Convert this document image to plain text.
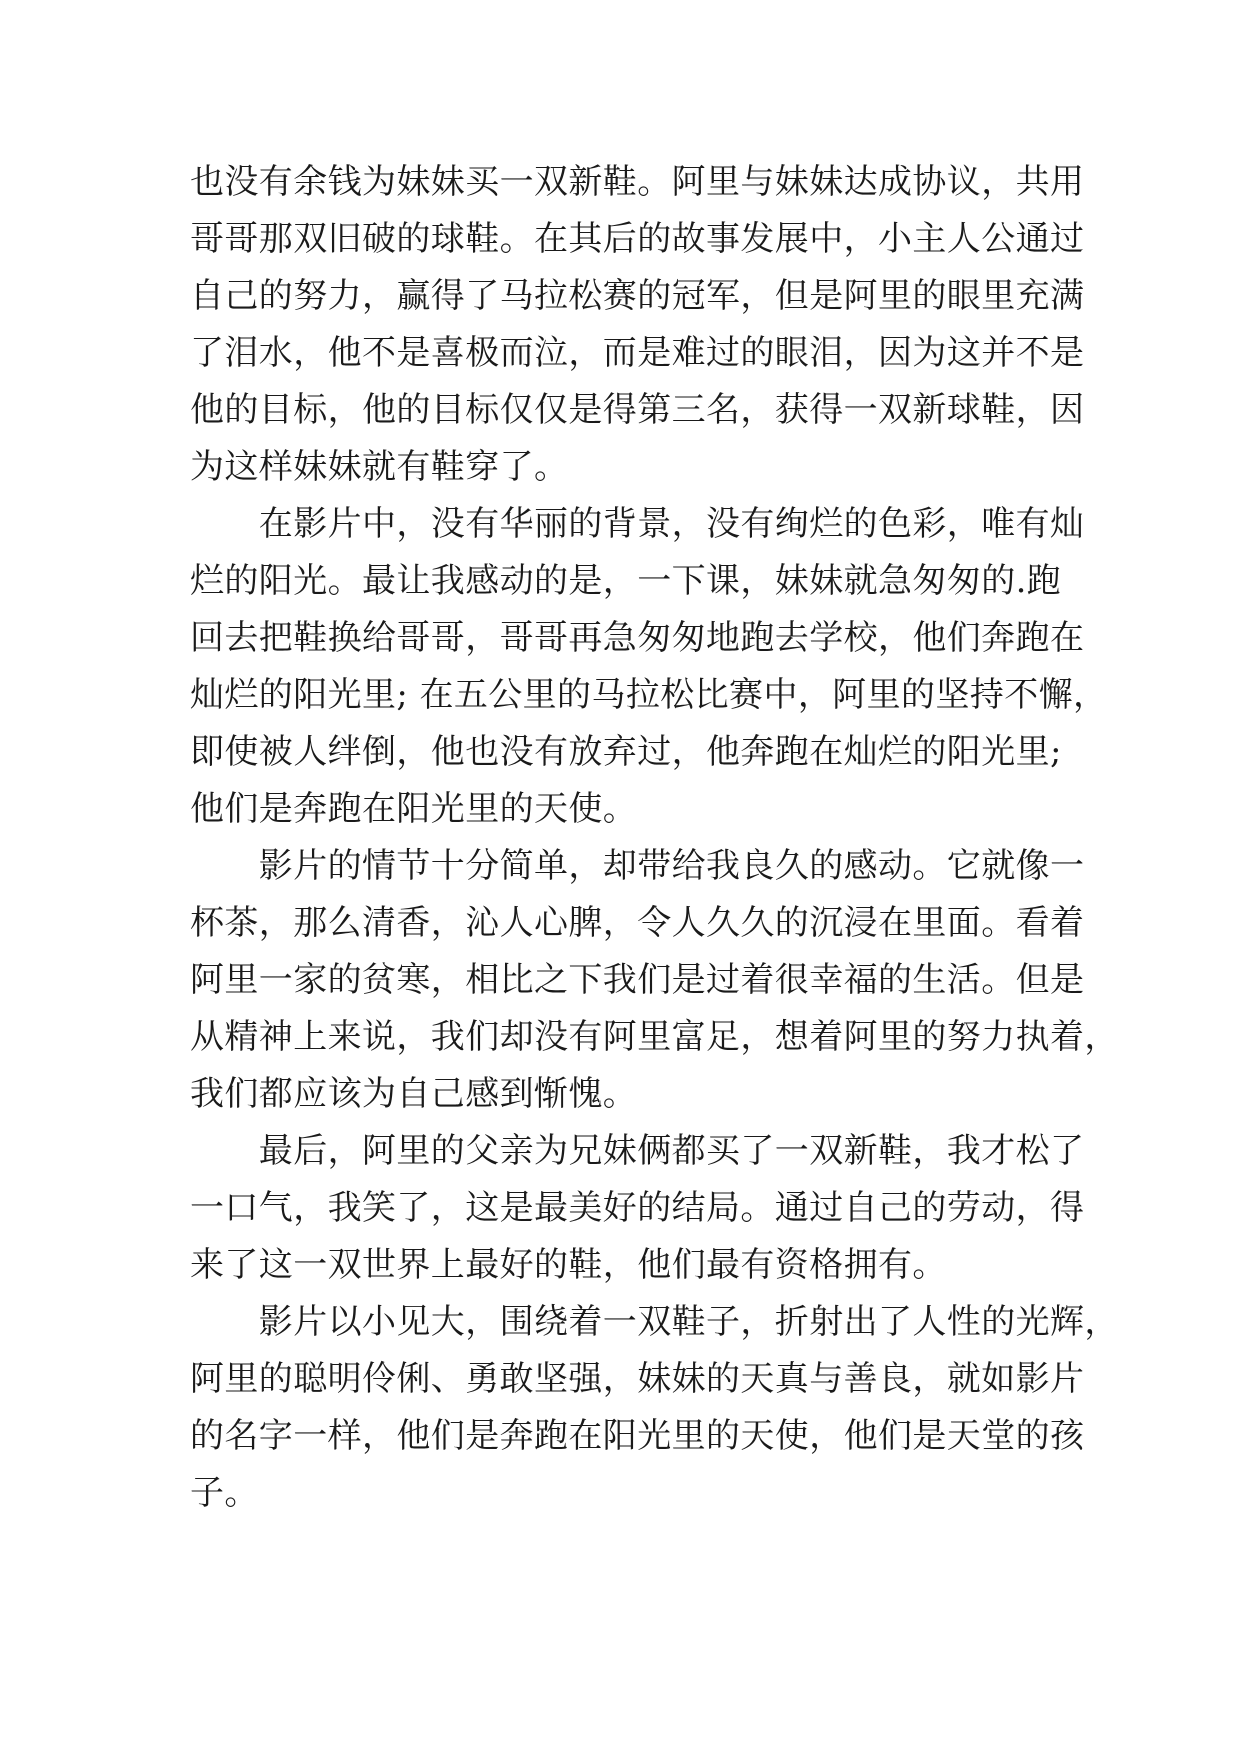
也没有余钱为妹妹买一双新鞋。阿里与妹妹达成协议，共用
哥哥那双旧破的球鞋。在其后的故事发展中，小主人公通过
自己的努力，赢得了马拉松赛的冠军，但是阿里的眼里充满
了泪水，他不是喜极而泣，而是难过的眼泪，因为这并不是
他的目标，他的目标仅仅是得第三名，获得一双新球鞋，因
为这样妹妹就有鞋穿了。
　　在影片中，没有华丽的背景，没有绚烂的色彩，唯有灿
烂的阳光。最让我感动的是，一下课，妹妹就急匆匆的.跑
回去把鞋换给哥哥，哥哥再急匆匆地跑去学校，他们奔跑在
灿烂的阳光里; 在五公里的马拉松比赛中，阿里的坚持不懈，
即使被人绊倒，他也没有放弃过，他奔跑在灿烂的阳光里;
他们是奔跑在阳光里的天使。
　　影片的情节十分简单，却带给我良久的感动。它就像一
杯茶，那么清香，沁人心脾，令人久久的沉浸在里面。看着
阿里一家的贫寒，相比之下我们是过着很幸福的生活。但是
从精神上来说，我们却没有阿里富足，想着阿里的努力执着，
我们都应该为自己感到惭愧。
　　最后，阿里的父亲为兄妹俩都买了一双新鞋，我才松了
一口气，我笑了，这是最美好的结局。通过自己的劳动，得
来了这一双世界上最好的鞋，他们最有资格拥有。
　　影片以小见大，围绕着一双鞋子，折射出了人性的光辉，
阿里的聪明伶俐、勇敢坚强，妹妹的天真与善良，就如影片
的名字一样，他们是奔跑在阳光里的天使，他们是天堂的孩
子。
